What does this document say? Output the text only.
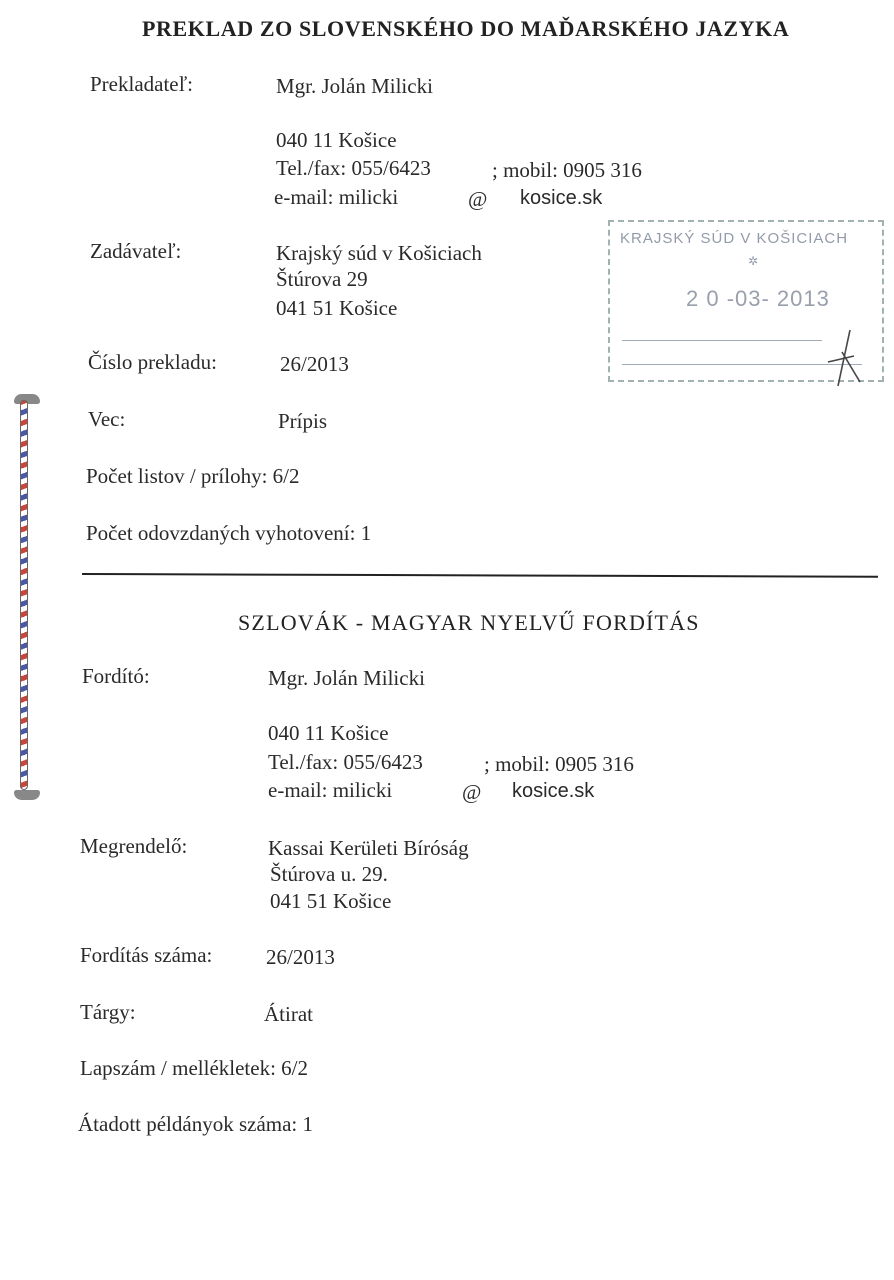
PREKLAD ZO SLOVENSKÉHO DO MAĎARSKÉHO JAZYKA
Prekladateľ:	Mgr. Jolán Milicki
040 11 Košice
Tel./fax: 055/6423	; mobil: 0905 316
e-mail: milicki	@ kosice.sk
Zadávateľ:	Krajský súd v Košiciach
Štúrova 29
041 51 Košice
Číslo prekladu:	26/2013
Vec:	Prípis
Počet listov / prílohy: 6/2
Počet odovzdaných vyhotovení: 1
KRAJSKÝ SÚD V KOŠICIACH
✲
2 0 -03- 2013
SZLOVÁK - MAGYAR NYELVŰ FORDÍTÁS
Fordító:	Mgr. Jolán Milicki
040 11 Košice
Tel./fax: 055/6423	; mobil: 0905 316
e-mail: milicki	@ kosice.sk
Megrendelő:	Kassai Kerületi Bíróság
Štúrova u. 29.
041 51 Košice
Fordítás száma:	26/2013
Tárgy:	Átirat
Lapszám / mellékletek: 6/2
Átadott példányok száma: 1
